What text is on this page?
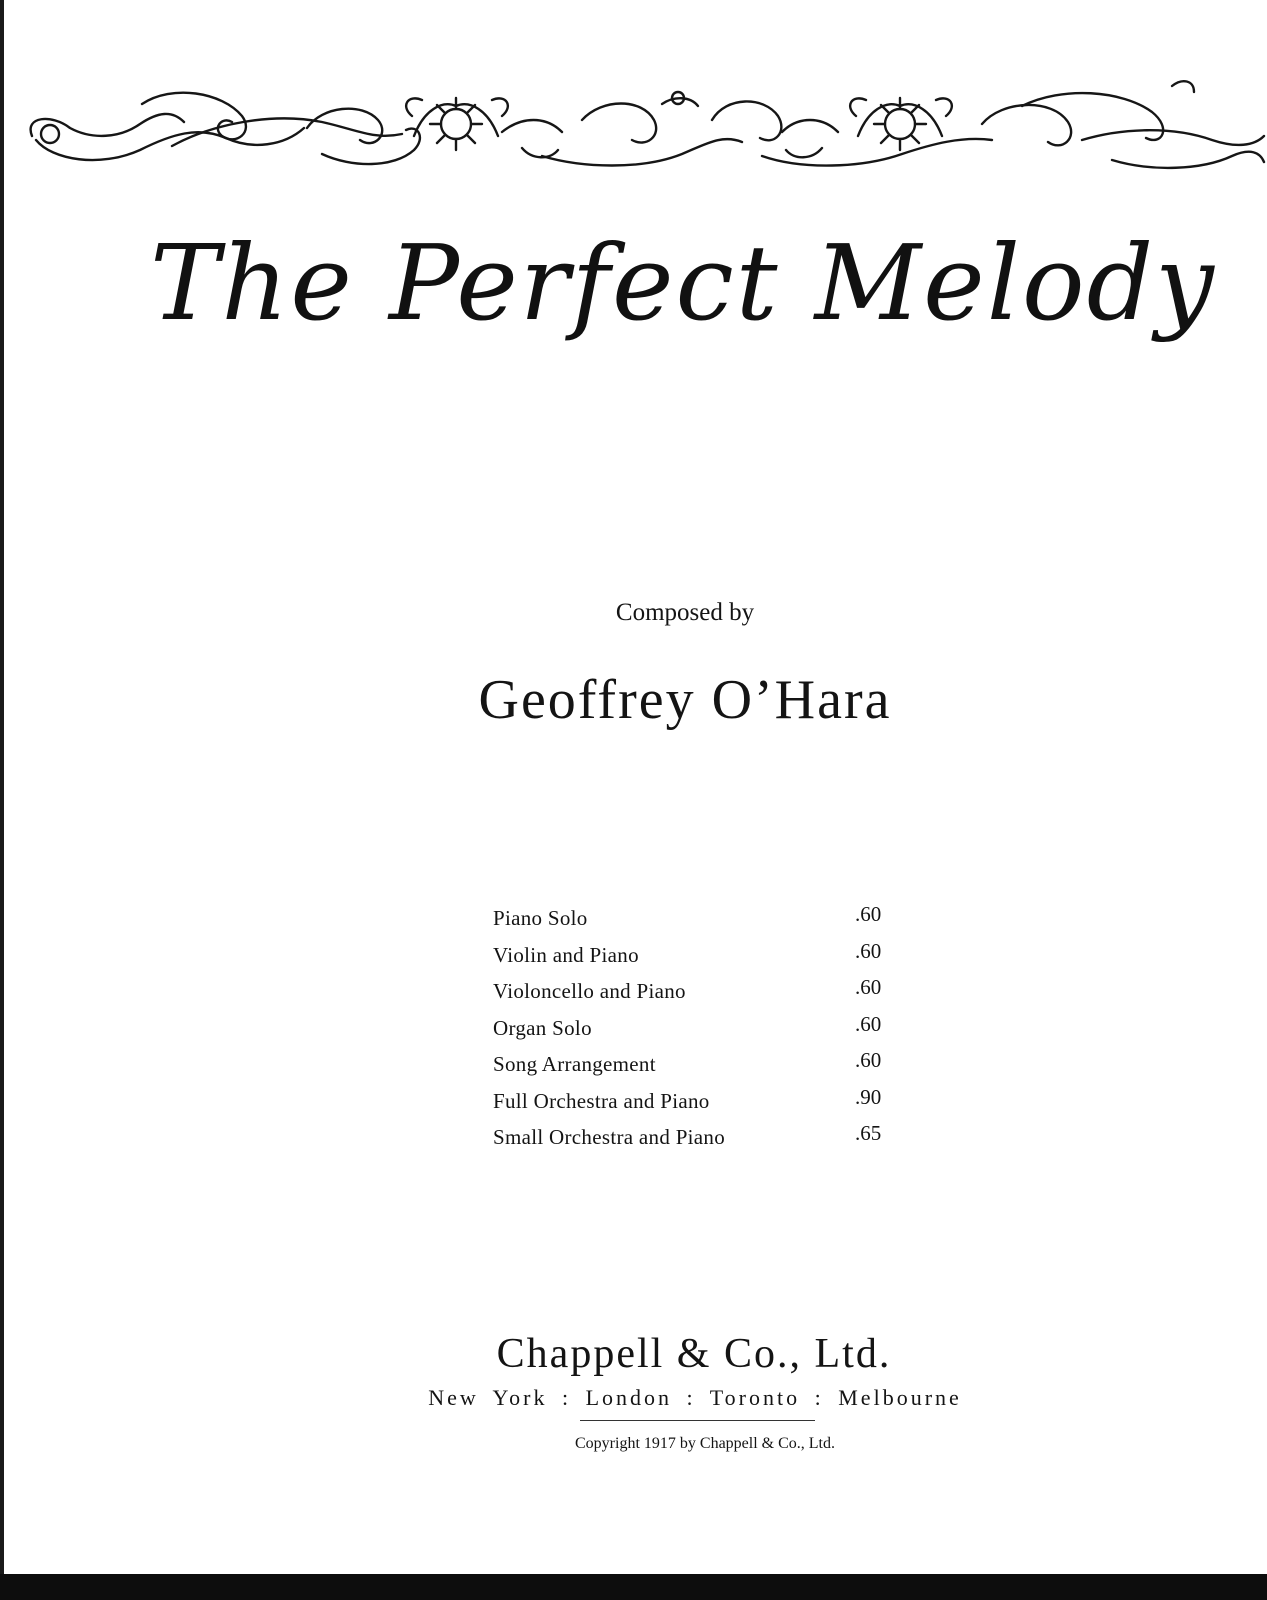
The Perfect Melody
Composed by
Geoffrey O’Hara
Piano Solo	.60
Violin and Piano	.60
Violoncello and Piano	.60
Organ Solo	.60
Song Arrangement	.60
Full Orchestra and Piano	.90
Small Orchestra and Piano	.65
Chappell & Co., Ltd.
New York : London : Toronto : Melbourne
Copyright 1917 by Chappell & Co., Ltd.
